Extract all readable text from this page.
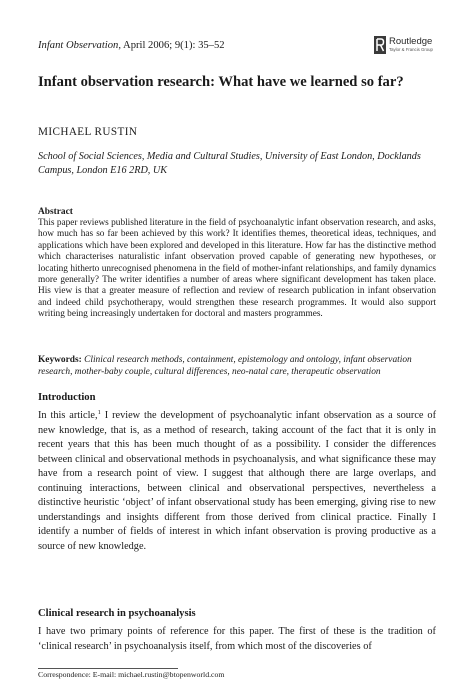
Infant Observation, April 2006; 9(1): 35–52	Routledge
Taylor & Francis Group
Infant observation research: What have we learned so far?
MICHAEL RUSTIN
School of Social Sciences, Media and Cultural Studies, University of East London, Docklands Campus, London E16 2RD, UK
Abstract
This paper reviews published literature in the field of psychoanalytic infant observation research, and asks, how much has so far been achieved by this work? It identifies themes, theoretical ideas, techniques, and applications which have been explored and developed in this literature. How far has the distinctive method which characterises naturalistic infant observation proved capable of generating new hypotheses, or locating hitherto unrecognised phenomena in the field of mother-infant relationships, and family dynamics more generally? The writer identifies a number of areas where significant development has taken place. His view is that a greater measure of reflection and review of research publication in infant observation and indeed child psychotherapy, would strengthen these research programmes. It would also support writing being increasingly undertaken for doctoral and masters programmes.
Keywords: Clinical research methods, containment, epistemology and ontology, infant observation research, mother-baby couple, cultural differences, neo-natal care, therapeutic observation
Introduction
In this article,$^1$ I review the development of psychoanalytic infant observation as a source of new knowledge, that is, as a method of research, taking account of the fact that it is only in recent years that this has been much thought of as a possibility. I consider the differences between clinical and observational methods in psychoanalysis, and what significance these may have from a research point of view. I suggest that although there are large overlaps, and continuing interactions, between clinical and observational perspectives, nevertheless a distinctive heuristic ‘object’ of infant observational study has been emerging, giving rise to new understandings and insights different from those derived from clinical practice. Finally I identify a number of fields of interest in which infant observation is proving productive as a source of new knowledge.
Clinical research in psychoanalysis
I have two primary points of reference for this paper. The first of these is the tradition of ‘clinical research’ in psychoanalysis itself, from which most of the discoveries of
Correspondence: E-mail: michael.rustin@btopenworld.com
